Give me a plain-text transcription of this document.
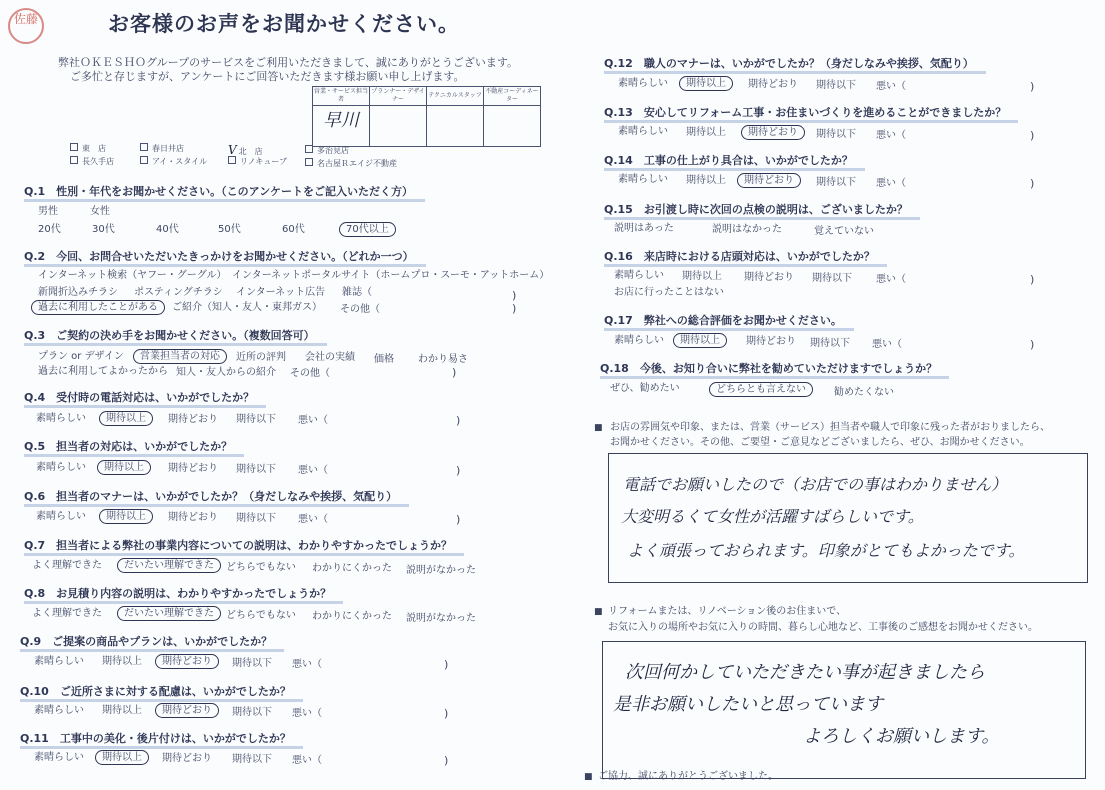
佐藤	お客様のお声をお聞かせください。
弊社ＯＫＥＳＨＯグループのサービスをご利用いただきまして、誠にありがとうございます。
ご多忙と存じますが、アンケートにご回答いただきます様お願い申し上げます。
営業・サービス担当者	プランナー・デザイナー	テクニカルスタッフ	不動産コーディネーター
早川			
東　店	春日井店	V北　店	多治見店
長久手店	アイ・スタイル	リノキューブ	名古屋Ｒエイジ不動産
Q.1　性別・年代をお聞かせください。（このアンケートをご記入いただく方）
男性	女性
20代	30代	40代	50代	60代	70代以上
Q.2　今回、お問合せいただいたきっかけをお聞かせください。（どれか一つ）
インターネット検索（ヤフー・グーグル） インターネットポータルサイト（ホームプロ・スーモ・アットホーム）
新聞折込みチラシ ポスティングチラシ インターネット広告 雑誌（	)
過去に利用したことがある ご紹介（知人・友人・東邦ガス） その他（	)
Q.3　ご契約の決め手をお聞かせください。（複数回答可）
プラン or デザイン 営業担当者の対応 近所の評判 会社の実績 価格 わかり易さ
過去に利用してよかったから 知人・友人からの紹介 その他（	)
Q.4　受付時の電話対応は、いかがでしたか？
素晴らしい 期待以上 期待どおり 期待以下 悪い（	)
Q.5　担当者の対応は、いかがでしたか？
素晴らしい 期待以上 期待どおり 期待以下 悪い（	)
Q.6　担当者のマナーは、いかがでしたか？（身だしなみや挨拶、気配り）
素晴らしい 期待以上 期待どおり 期待以下 悪い（	)
Q.7　担当者による弊社の事業内容についての説明は、わかりやすかったでしょうか？
よく理解できた だいたい理解できた どちらでもない わかりにくかった 説明がなかった
Q.8　お見積り内容の説明は、わかりやすかったでしょうか？
よく理解できた だいたい理解できた どちらでもない わかりにくかった 説明がなかった
Q.9　ご提案の商品やプランは、いかがでしたか？
素晴らしい 期待以上 期待どおり 期待以下 悪い（	)
Q.10　ご近所さまに対する配慮は、いかがでしたか？
素晴らしい 期待以上 期待どおり 期待以下 悪い（	)
Q.11　工事中の美化・後片付けは、いかがでしたか？
素晴らしい 期待以上 期待どおり 期待以下 悪い（	)
Q.12　職人のマナーは、いかがでしたか？（身だしなみや挨拶、気配り）
素晴らしい 期待以上 期待どおり 期待以下 悪い（	)
Q.13　安心してリフォーム工事・お住まいづくりを進めることができましたか？
素晴らしい 期待以上 期待どおり 期待以下 悪い（	)
Q.14　工事の仕上がり具合は、いかがでしたか？
素晴らしい 期待以上 期待どおり 期待以下 悪い（	)
Q.15　お引渡し時に次回の点検の説明は、ございましたか？
説明はあった	説明はなかった	覚えていない
Q.16　来店時における店頭対応は、いかがでしたか？
素晴らしい 期待以上 期待どおり 期待以下 悪い（	)
お店に行ったことはない
Q.17　弊社への総合評価をお聞かせください。
素晴らしい 期待以上	期待どおり 期待以下 悪い（	)
Q.18　今後、お知り合いに弊社を勧めていただけますでしょうか？
ぜひ、勧めたい	どちらとも言えない	勧めたくない
■ お店の雰囲気や印象、または、営業（サービス）担当者や職人で印象に残った者がおりましたら、
お聞かせください。その他、ご要望・ご意見などございましたら、ぜひ、お聞かせください。
電話でお願いしたので（お店での事はわかりません）
大変明るくて女性が活躍すばらしいです。
よく頑張っておられます。印象がとてもよかったです。
■ リフォームまたは、リノベーション後のお住まいで、
お気に入りの場所やお気に入りの時間、暮らし心地など、工事後のご感想をお聞かせください。
次回何かしていただきたい事が起きましたら
是非お願いしたいと思っています
よろしくお願いします。
■ ご協力、誠にありがとうございました。
